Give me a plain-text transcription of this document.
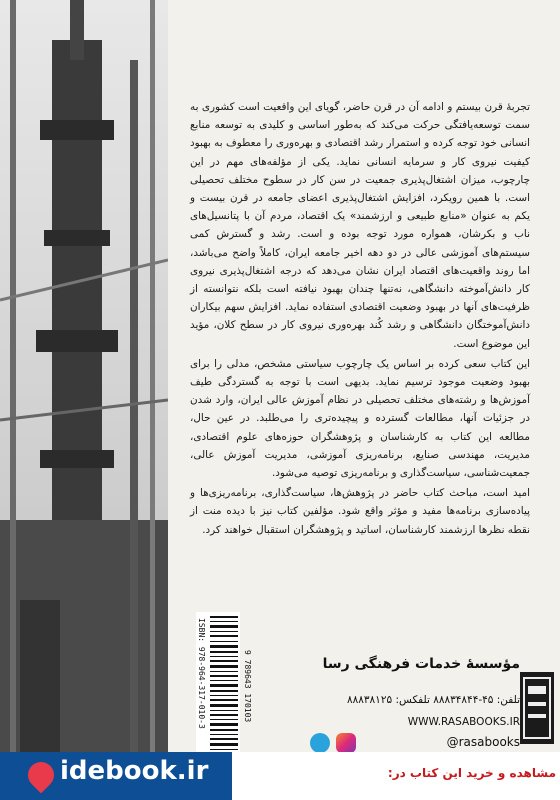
تجربهٔ قرن بیستم و ادامه آن در قرن حاضر، گویای این واقعیت است کشوری به سمت توسعه‌یافتگی حرکت می‌کند که به‌طور اساسی و کلیدی به توسعه منابع انسانی خود توجه کرده و استمرار رشد اقتصادی و بهره‌وری را معطوف به بهبود کیفیت نیروی کار و سرمایه انسانی نماید. یکی از مؤلفه‌های مهم در این چارچوب، میزان اشتغال‌پذیری جمعیت در سن کار در سطوح مختلف تحصیلی است. با همین رویکرد، افزایش اشتغال‌پذیری اعضای جامعه در قرن بیست و یکم به عنوان «منابع طبیعی و ارزشمند» یک اقتصاد، مردم آن با پتانسیل‌های ناب و بکرشان، همواره مورد توجه بوده و است. رشد و گسترش کمی سیستم‌های آموزشی عالی در دو دهه اخیر جامعه ایران، کاملاً واضح می‌باشد، اما روند واقعیت‌های اقتصاد ایران نشان می‌دهد که درجه اشتغال‌پذیری نیروی کار دانش‌آموخته دانشگاهی، نه‌تنها چندان بهبود نیافته است بلکه نتوانسته از ظرفیت‌های آنها در بهبود وضعیت اقتصادی استفاده نماید. افزایش سهم بیکاران دانش‌آموختگان دانشگاهی و رشد کُند بهره‌وری نیروی کار در سطح کلان، مؤید این موضوع است.

این کتاب سعی کرده بر اساس یک چارچوب سیاستی مشخص، مدلی را برای بهبود وضعیت موجود ترسیم نماید. بدیهی است با توجه به گستردگی طیف آموزش‌ها و رشته‌های مختلف تحصیلی در نظام آموزش عالی ایران، وارد شدن در جزئیات آنها، مطالعات گسترده و پیچیده‌تری را می‌طلبد. در عین حال، مطالعه این کتاب به کارشناسان و پژوهشگران حوزه‌های علوم اقتصادی، مدیریت، مهندسی صنایع، برنامه‌ریزی آموزشی، مدیریت آموزش عالی، جمعیت‌شناسی، سیاست‌گذاری و برنامه‌ریزی توصیه می‌شود.

امید است، مباحث کتاب حاضر در پژوهش‌ها، سیاست‌گذاری، برنامه‌ریزی‌ها و پیاده‌سازی برنامه‌ها مفید و مؤثر واقع شود. مؤلفین کتاب نیز با دیده منت از نقطه نظرها ارزشمند کارشناسان، اساتید و پژوهشگران استقبال خواهند کرد.

ISBN: 978-964-317-010-3	9 789643 170103	مؤسسهٔ خدمات فرهنگی رسا
تلفن: ۴۵-۸۸۸۳۴۸۴۴ تلفکس: ۸۸۸۳۸۱۲۵
WWW.RASABOOKS.IR
@rasabooks
idebook.ir	مشاهده و خرید این کتاب در:
